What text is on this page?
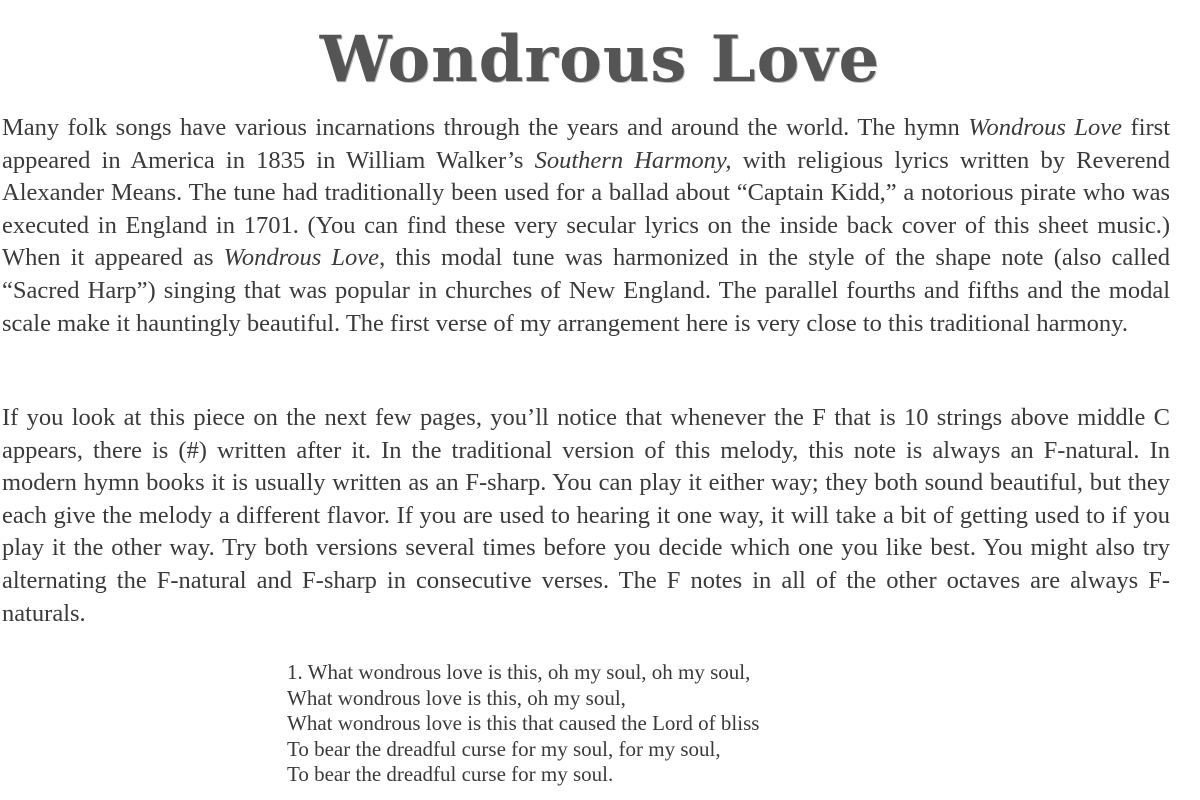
Wondrous Love

Many folk songs have various incarnations through the years and around the world. The hymn Wondrous Love first appeared in America in 1835 in William Walker’s Southern Harmony, with religious lyrics written by Reverend Alexander Means. The tune had traditionally been used for a ballad about “Captain Kidd,” a notorious pirate who was executed in England in 1701. (You can find these very secular lyrics on the inside back cover of this sheet music.) When it appeared as Wondrous Love, this modal tune was harmonized in the style of the shape note (also called “Sacred Harp”) singing that was popular in churches of New England. The parallel fourths and fifths and the modal scale make it hauntingly beautiful. The first verse of my arrangement here is very close to this traditional harmony.

If you look at this piece on the next few pages, you’ll notice that whenever the F that is 10 strings above middle C appears, there is (#) written after it. In the traditional version of this melody, this note is always an F-natural. In modern hymn books it is usually written as an F-sharp. You can play it either way; they both sound beautiful, but they each give the melody a different flavor. If you are used to hearing it one way, it will take a bit of getting used to if you play it the other way. Try both versions several times before you decide which one you like best. You might also try alternating the F-natural and F-sharp in consecutive verses. The F notes in all of the other octaves are always F-naturals.

1. What wondrous love is this, oh my soul, oh my soul,
What wondrous love is this, oh my soul,
What wondrous love is this that caused the Lord of bliss
To bear the dreadful curse for my soul, for my soul,
To bear the dreadful curse for my soul.
